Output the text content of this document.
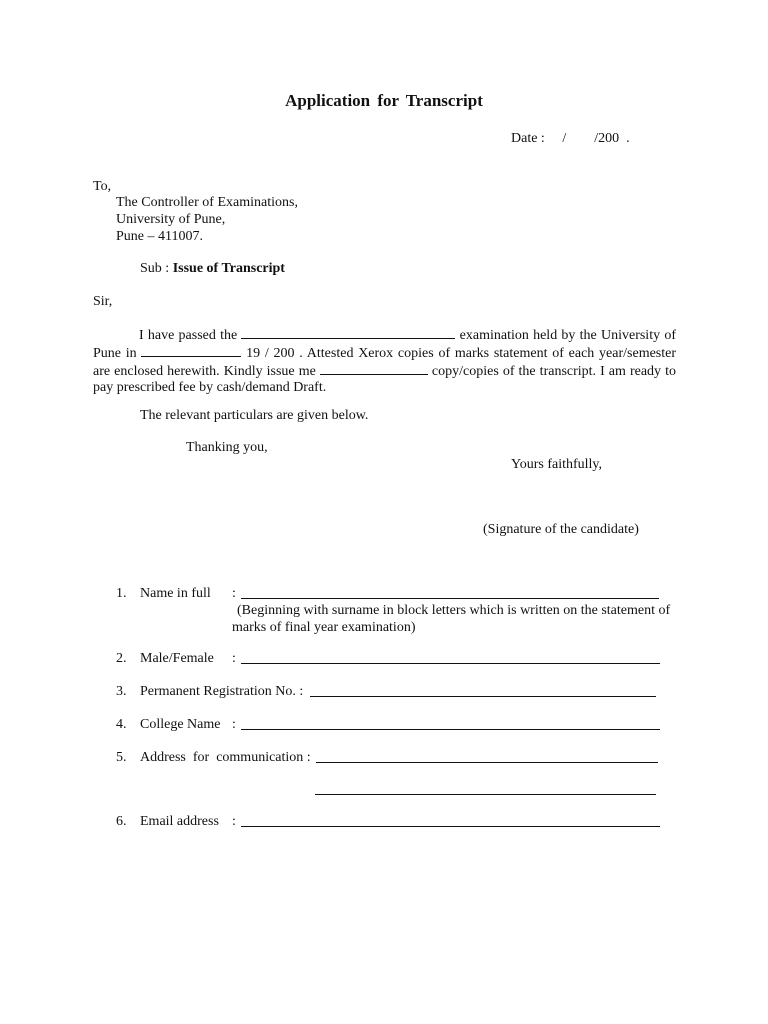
Application for Transcript
Date :     /        /200  .
To,
The Controller of Examinations,
University of Pune,
Pune – 411007.
Sub : Issue of Transcript
Sir,
I have passed the	examination held by the University of Pune in	19 / 200 . Attested Xerox copies of marks statement of each year/semester are enclosed herewith. Kindly issue me	copy/copies of the transcript. I am ready to pay prescribed fee by cash/demand Draft.
The relevant particulars are given below.
Thanking you,
Yours faithfully,
(Signature of the candidate)
1. Name in full :
(Beginning with surname in block letters which is written on the statement of
marks of final year examination)
2. Male/Female :
3. Permanent Registration No. :
4. College Name :
5. Address  for  communication :
6. Email address :
